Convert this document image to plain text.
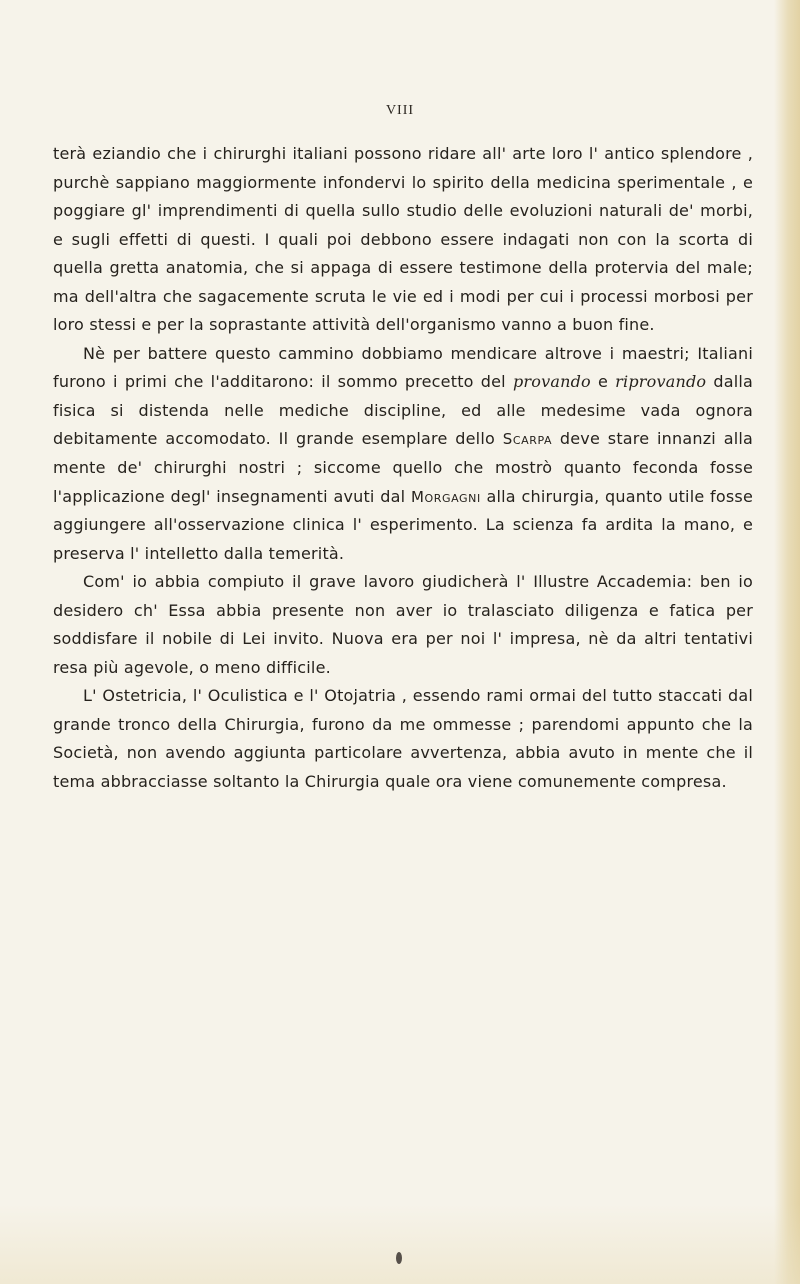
VIII

terà eziandio che i chirurghi italiani possono ridare all' arte loro l' antico splendore , purchè sappiano maggiormente infondervi lo spirito della medicina sperimentale , e poggiare gl' imprendimenti di quella sullo studio delle evoluzioni naturali de' morbi, e sugli effetti di questi. I quali poi debbono essere indagati non con la scorta di quella gretta anatomia, che si appaga di essere testimone della protervia del male; ma dell'altra che sagacemente scruta le vie ed i modi per cui i processi morbosi per loro stessi e per la soprastante attività dell'organismo vanno a buon fine.

Nè per battere questo cammino dobbiamo mendicare altrove i maestri; Italiani furono i primi che l'additarono: il sommo precetto del provando e riprovando dalla fisica si distenda nelle mediche discipline, ed alle medesime vada ognora debitamente accomodato. Il grande esemplare dello Scarpa deve stare innanzi alla mente de' chirurghi nostri ; siccome quello che mostrò quanto feconda fosse l'applicazione degl' insegnamenti avuti dal Morgagni alla chirurgia, quanto utile fosse aggiungere all'osservazione clinica l' esperimento. La scienza fa ardita la mano, e preserva l' intelletto dalla temerità.

Com' io abbia compiuto il grave lavoro giudicherà l' Illustre Accademia: ben io desidero ch' Essa abbia presente non aver io tralasciato diligenza e fatica per soddisfare il nobile di Lei invito. Nuova era per noi l' impresa, nè da altri tentativi resa più agevole, o meno difficile.

L' Ostetricia, l' Oculistica e l' Otojatria , essendo rami ormai del tutto staccati dal grande tronco della Chirurgia, furono da me ommesse ; parendomi appunto che la Società, non avendo aggiunta particolare avvertenza, abbia avuto in mente che il tema abbracciasse soltanto la Chirurgia quale ora viene comunemente compresa.
